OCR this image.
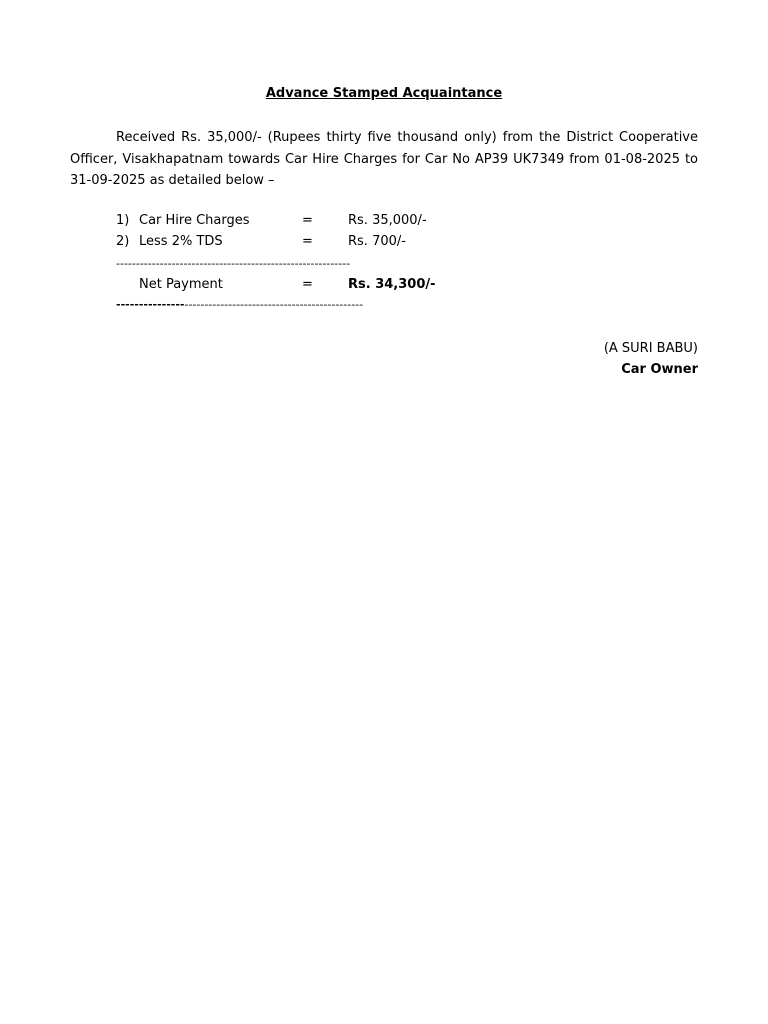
Advance Stamped Acquaintance
Received Rs. 35,000/- (Rupees thirty five thousand only) from the District Cooperative Officer, Visakhapatnam towards Car Hire Charges for Car No AP39 UK7349 from 01-08-2025 to 31-09-2025 as detailed below –
1) Car Hire Charges	=	Rs. 35,000/-
2) Less 2% TDS	=	Rs. 700/-
-----------------------------------------------------------
Net Payment	=	Rs. 34,300/-
------------------------------------------------------------
(A SURI BABU)
Car Owner
